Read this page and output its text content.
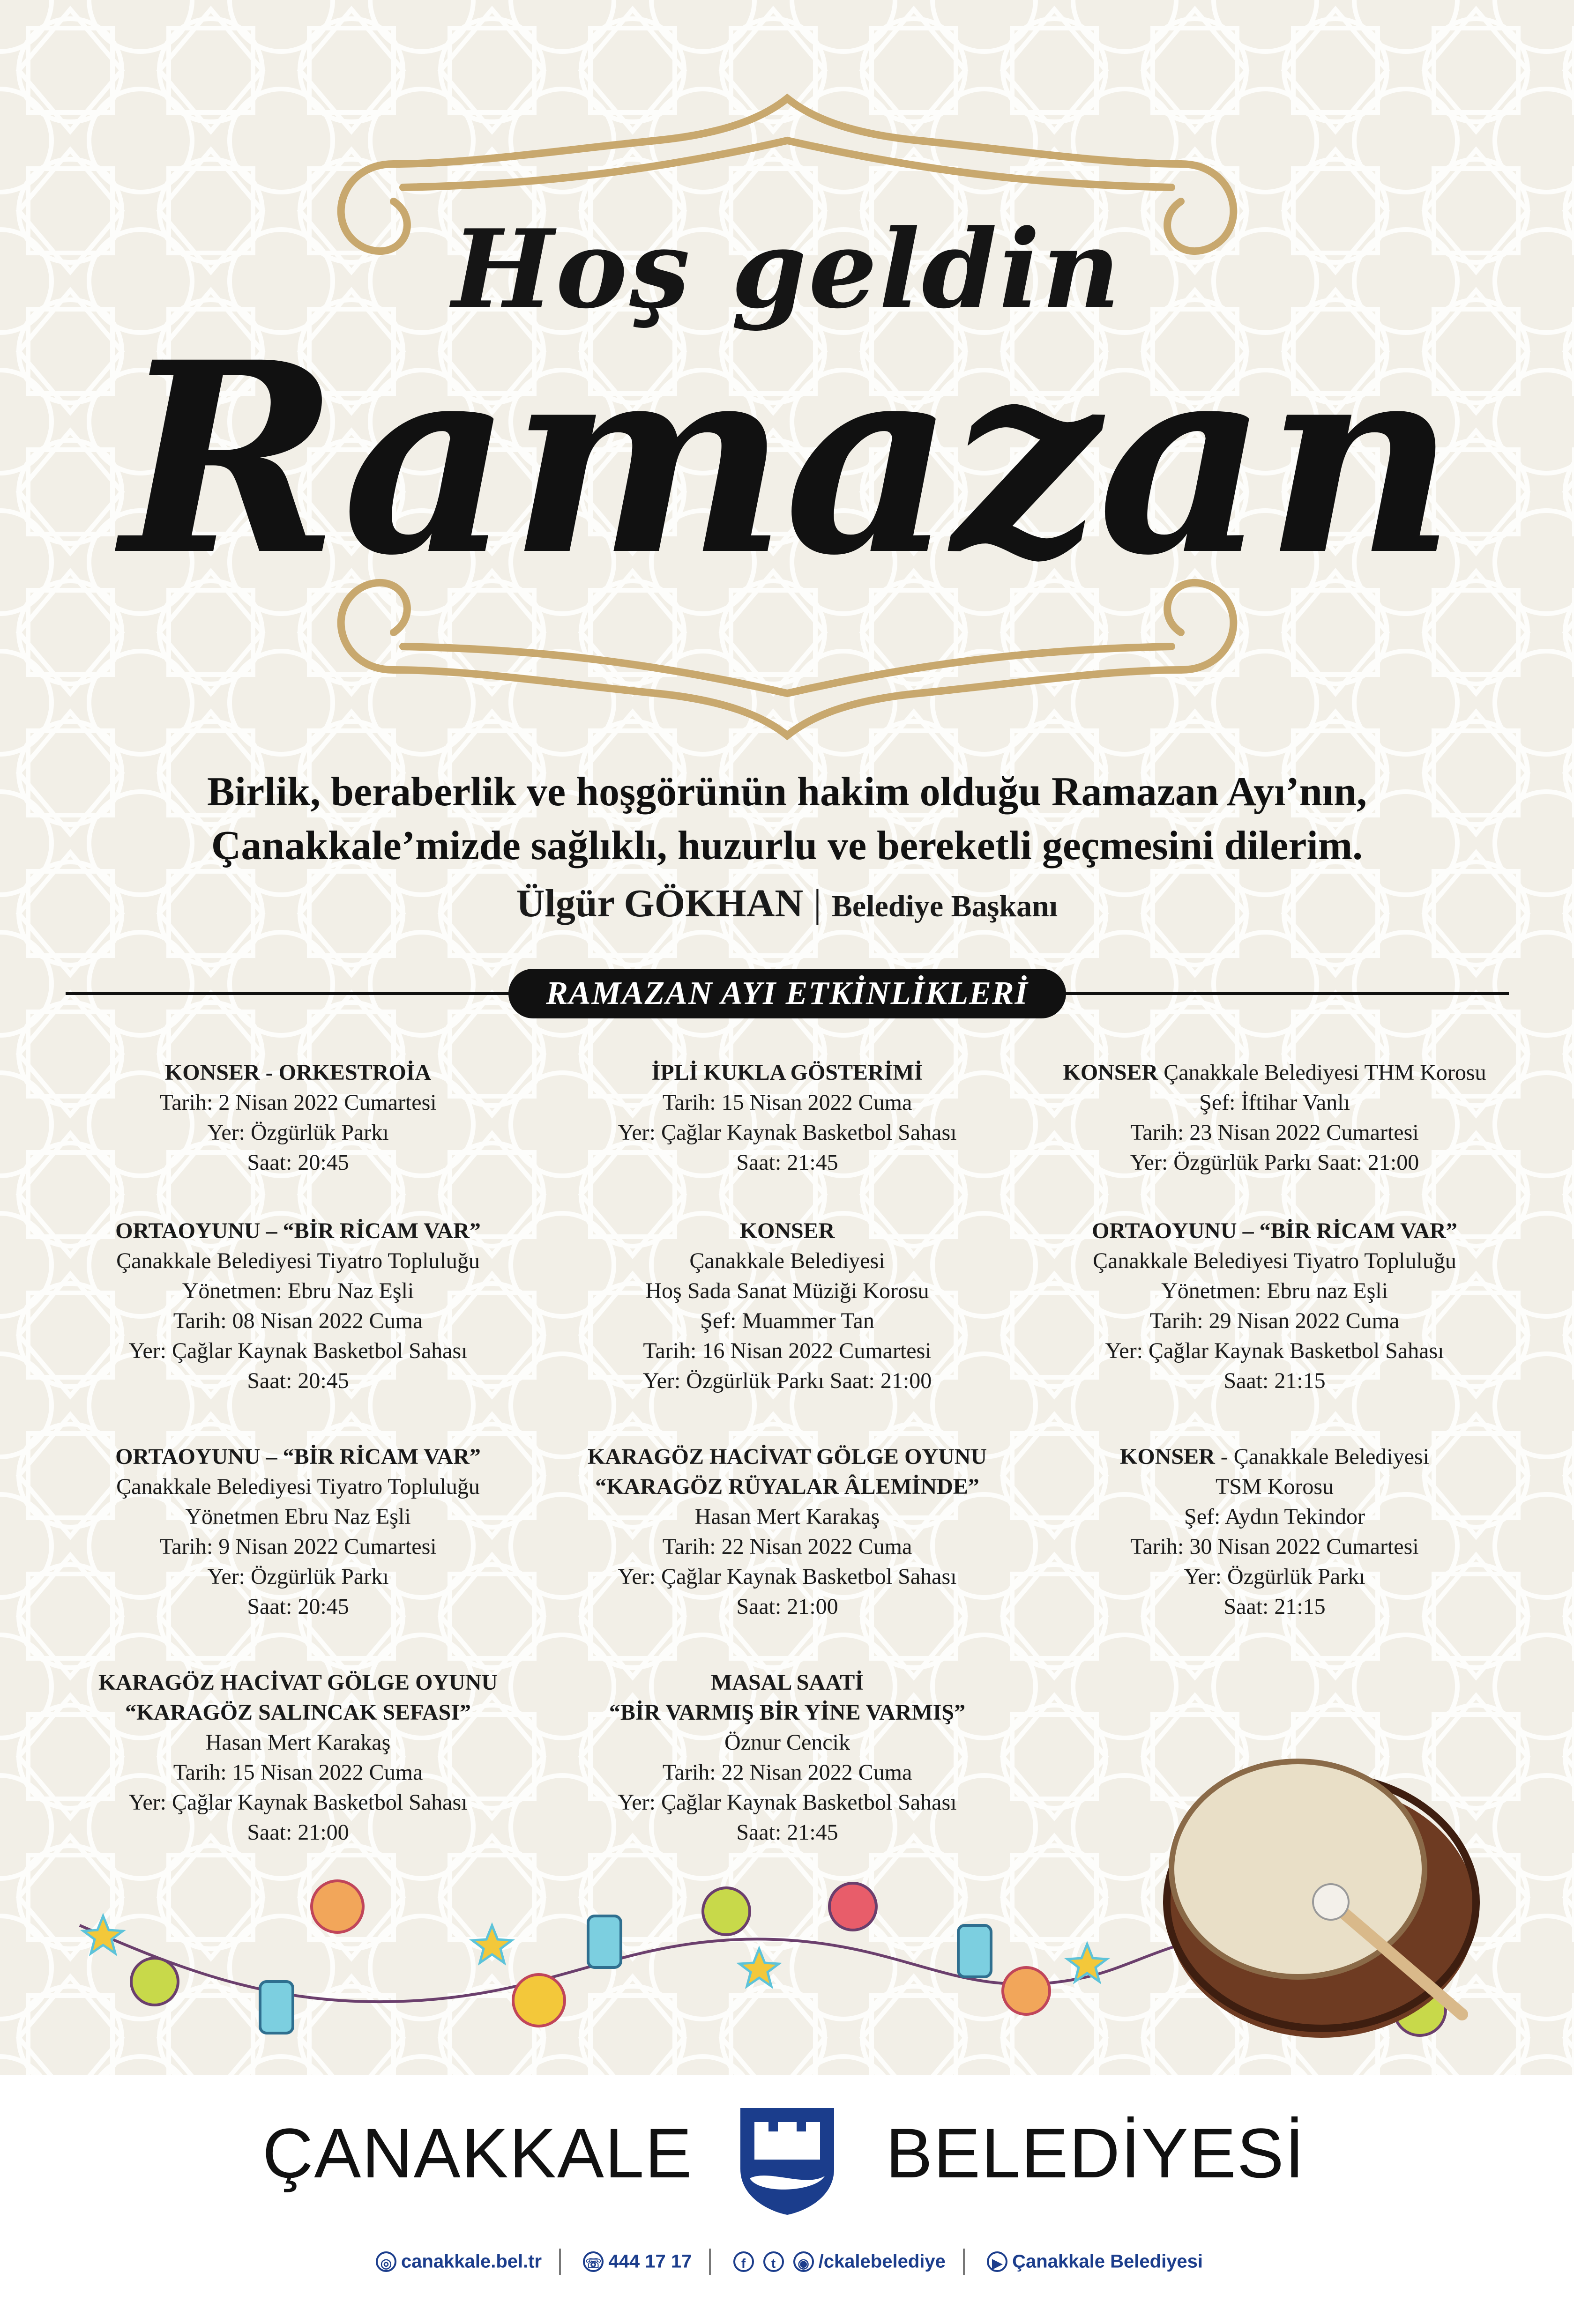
Hoş geldin
Ramazan
Birlik, beraberlik ve hoşgörünün hakim olduğu Ramazan Ayı’nın,
Çanakkale’mizde sağlıklı, huzurlu ve bereketli geçmesini dilerim.
Ülgür GÖKHAN | Belediye Başkanı
RAMAZAN AYI ETKİNLİKLERİ
KONSER - ORKESTROİA
Tarih: 2 Nisan 2022 Cumartesi
Yer: Özgürlük Parkı
Saat: 20:45
İPLİ KUKLA GÖSTERİMİ
Tarih: 15 Nisan 2022 Cuma
Yer: Çağlar Kaynak Basketbol Sahası
Saat: 21:45
KONSER Çanakkale Belediyesi THM Korosu
Şef: İftihar Vanlı
Tarih: 23 Nisan 2022 Cumartesi
Yer: Özgürlük Parkı Saat: 21:00
ORTAOYUNU – “BİR RİCAM VAR”
Çanakkale Belediyesi Tiyatro Topluluğu
Yönetmen: Ebru Naz Eşli
Tarih: 08 Nisan 2022 Cuma
Yer: Çağlar Kaynak Basketbol Sahası
Saat: 20:45
KONSER
Çanakkale Belediyesi
Hoş Sada Sanat Müziği Korosu
Şef: Muammer Tan
Tarih: 16 Nisan 2022 Cumartesi
Yer: Özgürlük Parkı Saat: 21:00
ORTAOYUNU – “BİR RİCAM VAR”
Çanakkale Belediyesi Tiyatro Topluluğu
Yönetmen: Ebru naz Eşli
Tarih: 29 Nisan 2022 Cuma
Yer: Çağlar Kaynak Basketbol Sahası
Saat: 21:15
ORTAOYUNU – “BİR RİCAM VAR”
Çanakkale Belediyesi Tiyatro Topluluğu
Yönetmen Ebru Naz Eşli
Tarih: 9 Nisan 2022 Cumartesi
Yer: Özgürlük Parkı
Saat: 20:45
KARAGÖZ HACİVAT GÖLGE OYUNU
“KARAGÖZ RÜYALAR ÂLEMİNDE”
Hasan Mert Karakaş
Tarih: 22 Nisan 2022 Cuma
Yer: Çağlar Kaynak Basketbol Sahası
Saat: 21:00
KONSER - Çanakkale Belediyesi
TSM Korosu
Şef: Aydın Tekindor
Tarih: 30 Nisan 2022 Cumartesi
Yer: Özgürlük Parkı
Saat: 21:15
KARAGÖZ HACİVAT GÖLGE OYUNU
“KARAGÖZ SALINCAK SEFASI”
Hasan Mert Karakaş
Tarih: 15 Nisan 2022 Cuma
Yer: Çağlar Kaynak Basketbol Sahası
Saat: 21:00
MASAL SAATİ
“BİR VARMIŞ BİR YİNE VARMIŞ”
Öznur Cencik
Tarih: 22 Nisan 2022 Cuma
Yer: Çağlar Kaynak Basketbol Sahası
Saat: 21:45
ÇANAKKALE	BELEDİYESİ
◎ canakkale.bel.tr	☏ 444 17 17	f t ◉ /ckalebelediye	▶ Çanakkale Belediyesi
